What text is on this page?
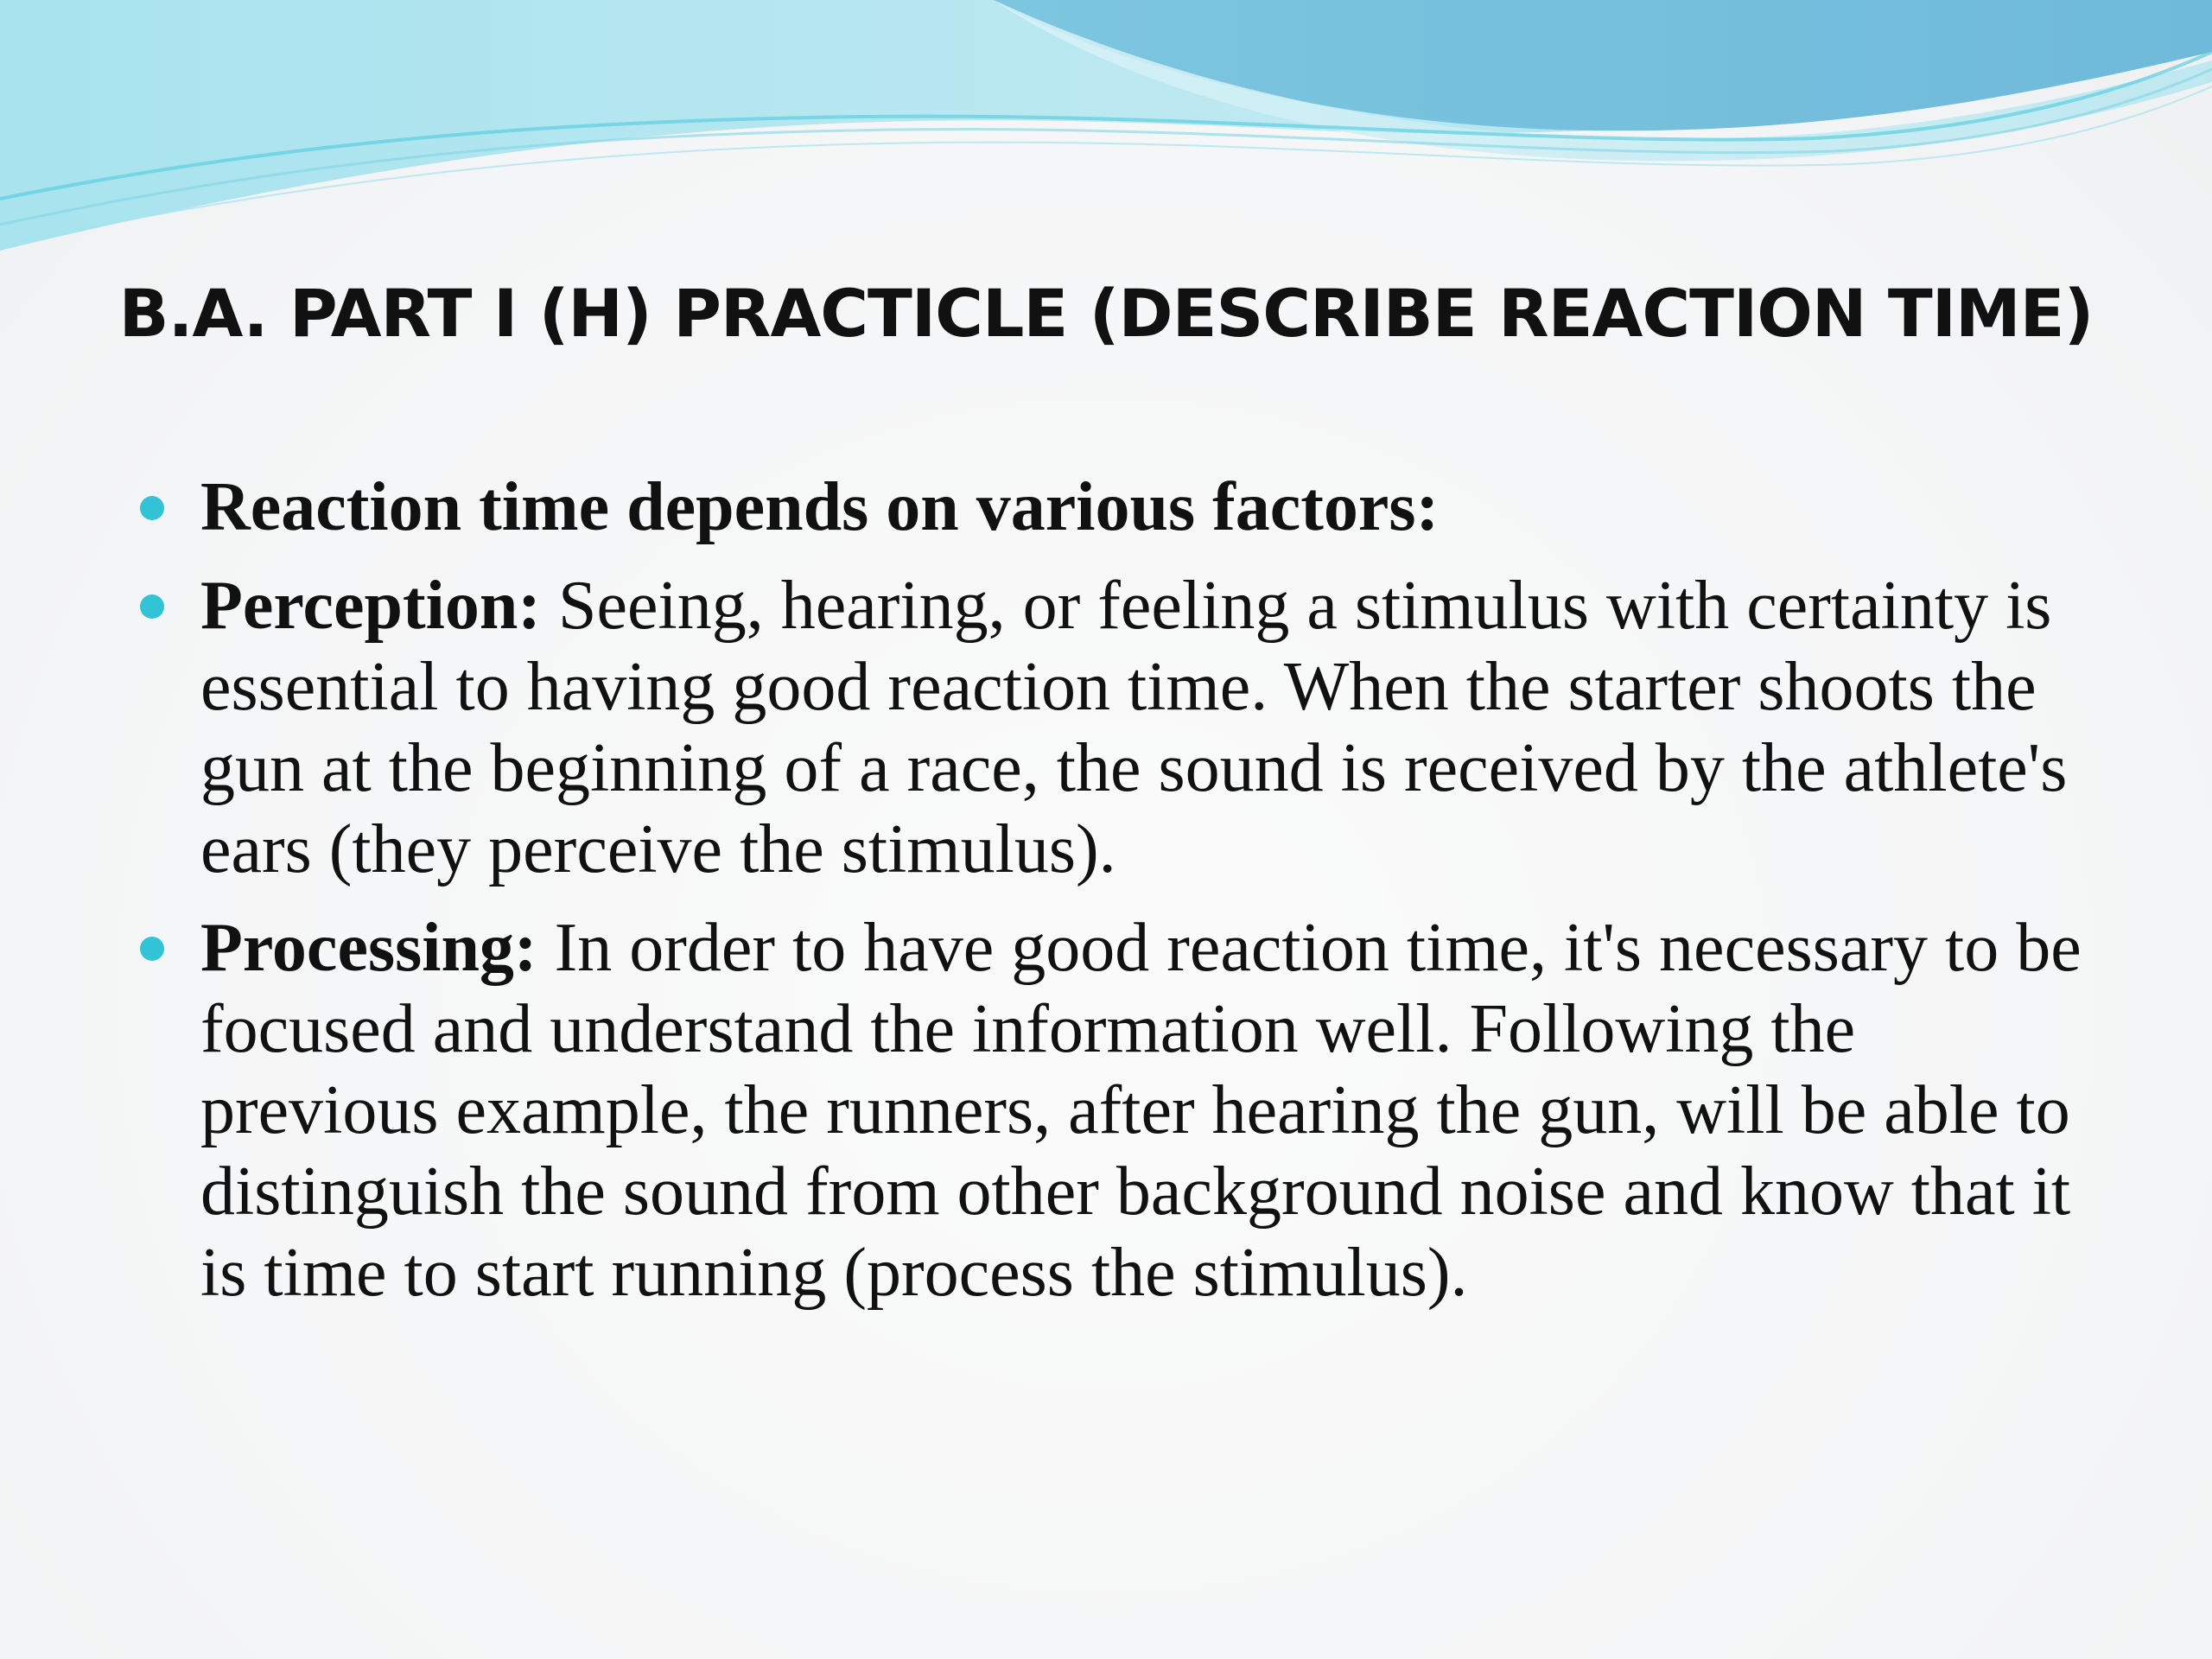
B.A. PART I (H) PRACTICLE (DESCRIBE REACTION TIME)
Reaction time depends on various factors:
Perception: Seeing, hearing, or feeling a stimulus with certainty is essential to having good reaction time. When the starter shoots the gun at the beginning of a race, the sound is received by the athlete's ears (they perceive the stimulus).
Processing: In order to have good reaction time, it's necessary to be focused and understand the information well. Following the previous example, the runners, after hearing the gun, will be able to distinguish the sound from other background noise and know that it is time to start running (process the stimulus).
